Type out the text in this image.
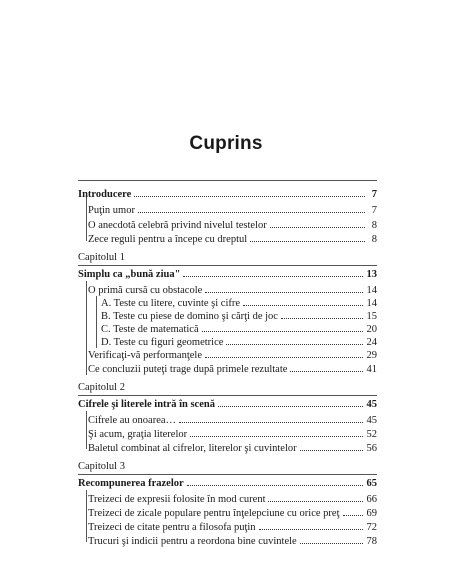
Cuprins
Introducere	7
Puţin umor	7
O anecdotă celebră privind nivelul testelor	8
Zece reguli pentru a începe cu dreptul	8
Capitolul 1
Simplu ca „bună ziua"	13
O primă cursă cu obstacole	14
A. Teste cu litere, cuvinte şi cifre	14
B. Teste cu piese de domino şi cărţi de joc	15
C. Teste de matematică	20
D. Teste cu figuri geometrice	24
Verificaţi-vă performanţele	29
Ce concluzii puteţi trage după primele rezultate	41
Capitolul 2
Cifrele şi literele intră în scenă	45
Cifrele au onoarea…	45
Şi acum, graţia literelor	52
Baletul combinat al cifrelor, literelor şi cuvintelor	56
Capitolul 3
Recompunerea frazelor	65
Treizeci de expresii folosite în mod curent	66
Treizeci de zicale populare pentru înţelepciune cu orice preţ	69
Treizeci de citate pentru a filosofa puţin	72
Trucuri şi indicii pentru a reordona bine cuvintele	78
